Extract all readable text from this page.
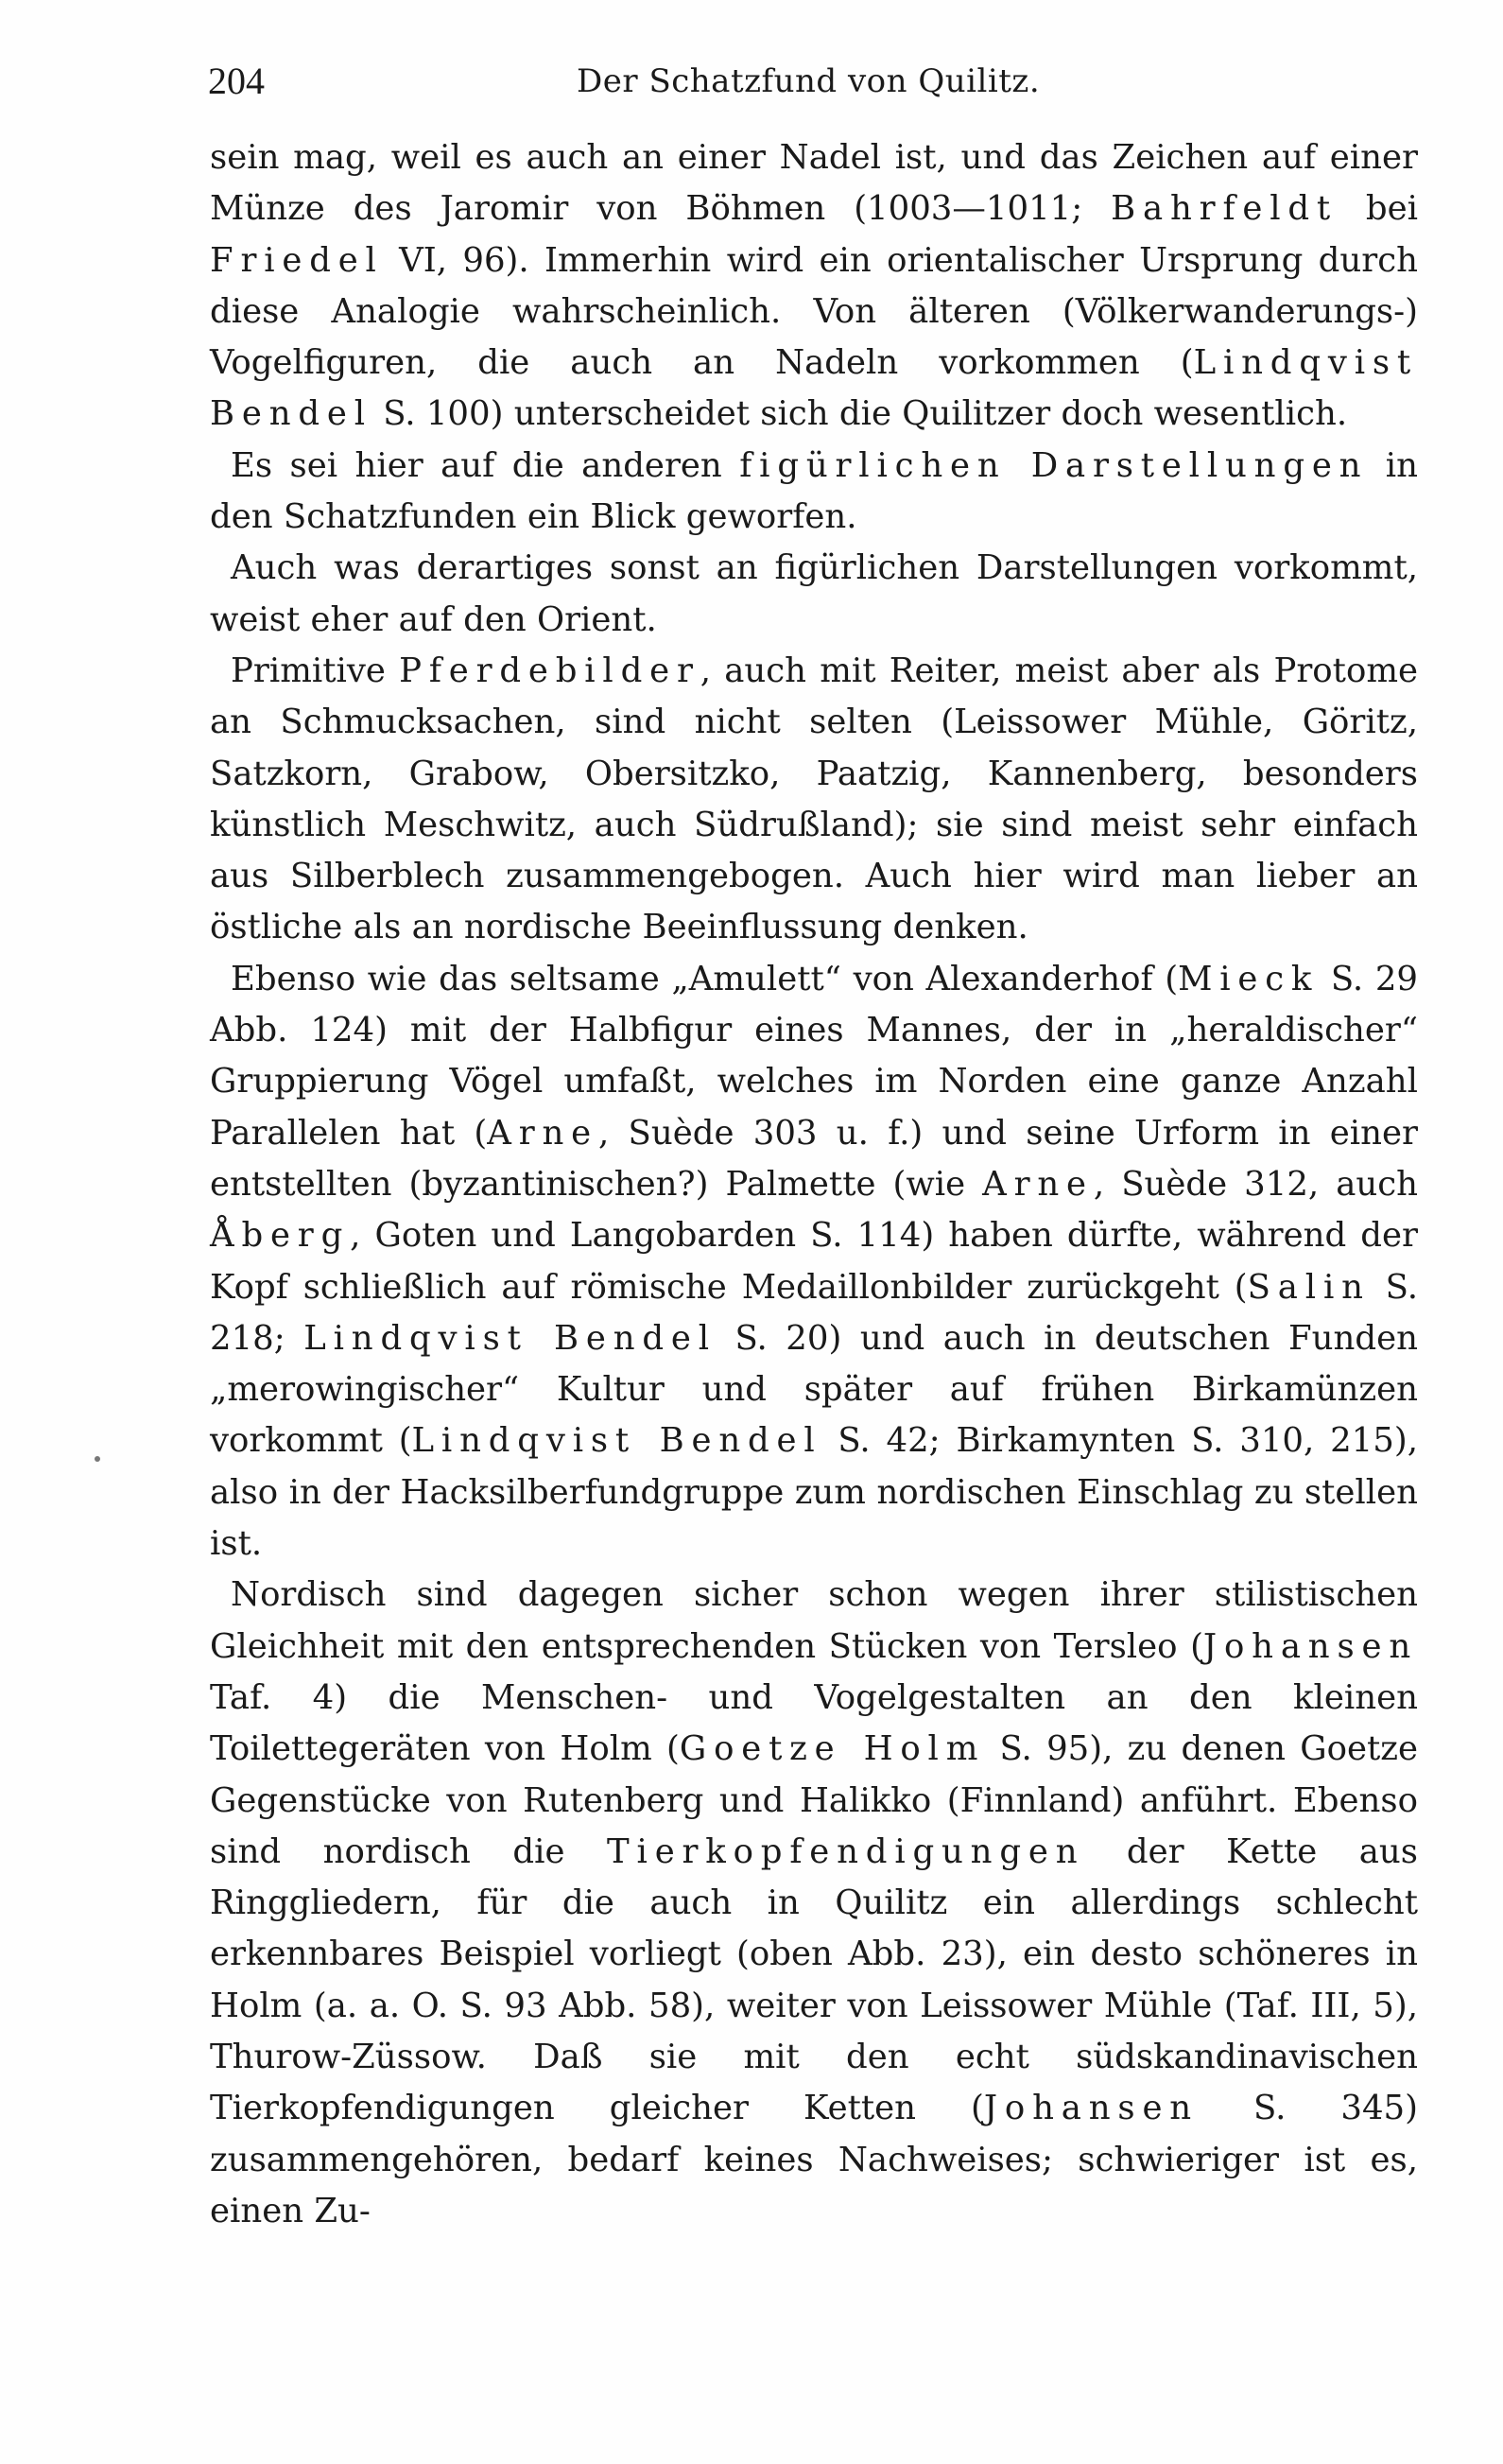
204	Der Schatzfund von Quilitz.

sein mag, weil es auch an einer Nadel ist, und das Zeichen auf einer Münze des Jaromir von Böhmen (1003—1011; Bahrfeldt bei Friedel VI, 96). Immerhin wird ein orientalischer Ursprung durch diese Analogie wahrscheinlich. Von älteren (Völkerwanderungs-) Vogelfiguren, die auch an Nadeln vorkommen (Lindqvist Bendel S. 100) unterscheidet sich die Quilitzer doch wesentlich.

Es sei hier auf die anderen figürlichen Darstellungen in den Schatzfunden ein Blick geworfen.

Auch was derartiges sonst an figürlichen Darstellungen vorkommt, weist eher auf den Orient.

Primitive Pferdebilder, auch mit Reiter, meist aber als Protome an Schmucksachen, sind nicht selten (Leissower Mühle, Göritz, Satzkorn, Grabow, Obersitzko, Paatzig, Kannenberg, besonders künstlich Meschwitz, auch Südrußland); sie sind meist sehr einfach aus Silberblech zusammengebogen. Auch hier wird man lieber an östliche als an nordische Beeinflussung denken.

Ebenso wie das seltsame „Amulett“ von Alexanderhof (Mieck S. 29 Abb. 124) mit der Halbfigur eines Mannes, der in „heraldischer“ Gruppierung Vögel umfaßt, welches im Norden eine ganze Anzahl Parallelen hat (Arne, Suède 303 u. f.) und seine Urform in einer entstellten (byzantinischen?) Palmette (wie Arne, Suède 312, auch Åberg, Goten und Langobarden S. 114) haben dürfte, während der Kopf schließlich auf römische Medaillonbilder zurückgeht (Salin S. 218; Lindqvist Bendel S. 20) und auch in deutschen Funden „merowingischer“ Kultur und später auf frühen Birkamünzen vorkommt (Lindqvist Bendel S. 42; Birkamynten S. 310, 215), also in der Hacksilberfundgruppe zum nordischen Einschlag zu stellen ist.

Nordisch sind dagegen sicher schon wegen ihrer stilistischen Gleichheit mit den entsprechenden Stücken von Tersleo (Johansen Taf. 4) die Menschen- und Vogelgestalten an den kleinen Toilettegeräten von Holm (Goetze Holm S. 95), zu denen Goetze Gegenstücke von Rutenberg und Halikko (Finnland) anführt. Ebenso sind nordisch die Tierkopfendigungen der Kette aus Ringgliedern, für die auch in Quilitz ein allerdings schlecht erkennbares Beispiel vorliegt (oben Abb. 23), ein desto schöneres in Holm (a. a. O. S. 93 Abb. 58), weiter von Leissower Mühle (Taf. III, 5), Thurow-Züssow. Daß sie mit den echt südskandinavischen Tierkopfendigungen gleicher Ketten (Johansen S. 345) zusammengehören, bedarf keines Nachweises; schwieriger ist es, einen Zu-
